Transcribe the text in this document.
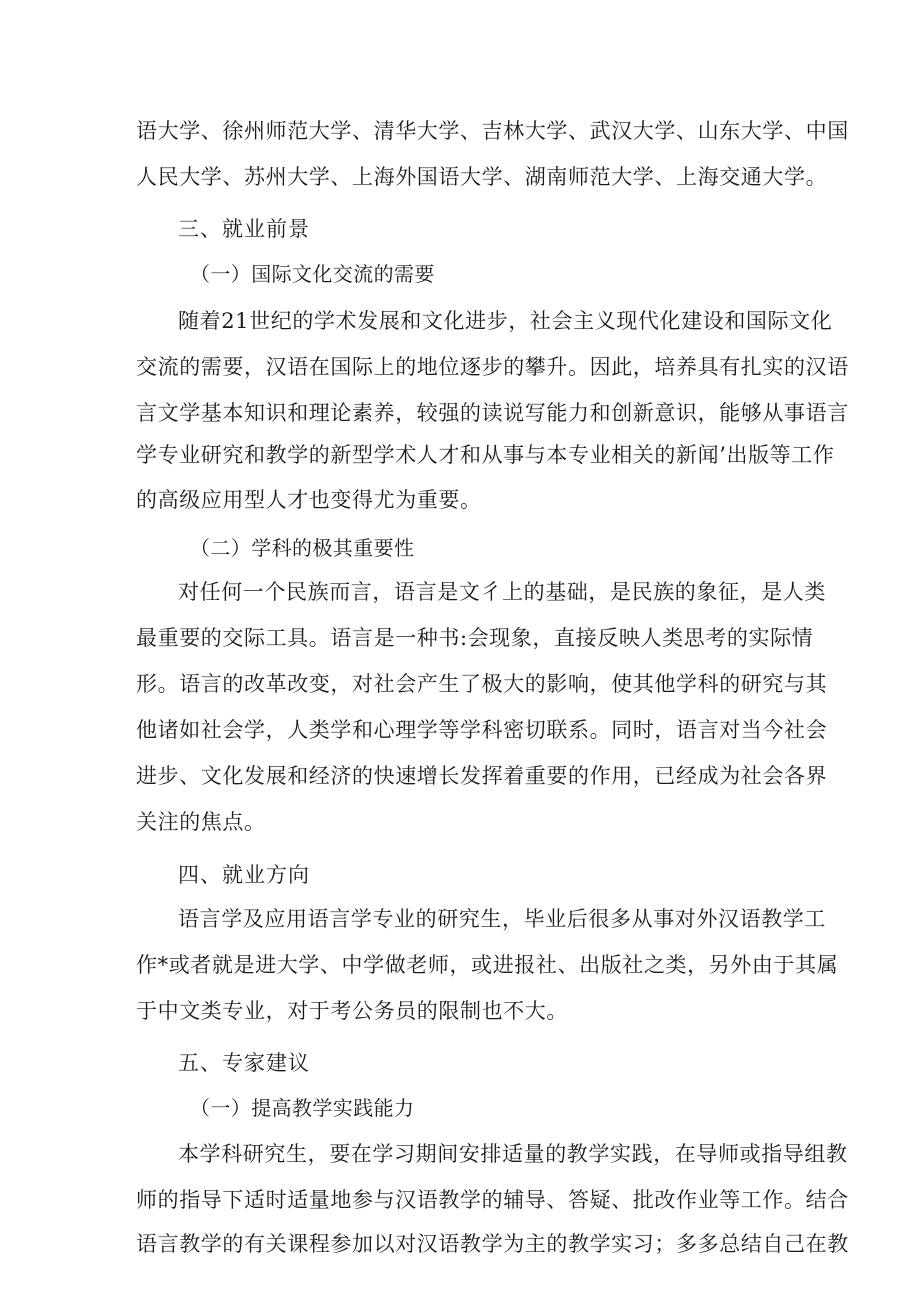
语大学、徐州师范大学、清华大学、吉林大学、武汉大学、山东大学、中国
人民大学、苏州大学、上海外国语大学、湖南师范大学、上海交通大学。
三、就业前景
（一）国际文化交流的需要
随着21世纪的学术发展和文化进步，社会主义现代化建设和国际文化
交流的需要，汉语在国际上的地位逐步的攀升。因此，培养具有扎实的汉语
言文学基本知识和理论素养，较强的读说写能力和创新意识，能够从事语言
学专业研究和教学的新型学术人才和从事与本专业相关的新闻’出版等工作
的高级应用型人才也变得尤为重要。
（二）学科的极其重要性
对任何一个民族而言，语言是文彳上的基础，是民族的象征，是人类
最重要的交际工具。语言是一种书:会现象，直接反映人类思考的实际情
形。语言的改革改变，对社会产生了极大的影响，使其他学科的研究与其
他诸如社会学，人类学和心理学等学科密切联系。同时，语言对当今社会
进步、文化发展和经济的快速增长发挥着重要的作用，已经成为社会各界
关注的焦点。
四、就业方向
语言学及应用语言学专业的研究生，毕业后很多从事对外汉语教学工
作*或者就是进大学、中学做老师，或进报社、出版社之类，另外由于其属
于中文类专业，对于考公务员的限制也不大。
五、专家建议
（一）提高教学实践能力
本学科研究生，要在学习期间安排适量的教学实践，在导师或指导组教
师的指导下适时适量地参与汉语教学的辅导、答疑、批改作业等工作。结合
语言教学的有关课程参加以对汉语教学为主的教学实习；多多总结自己在教
